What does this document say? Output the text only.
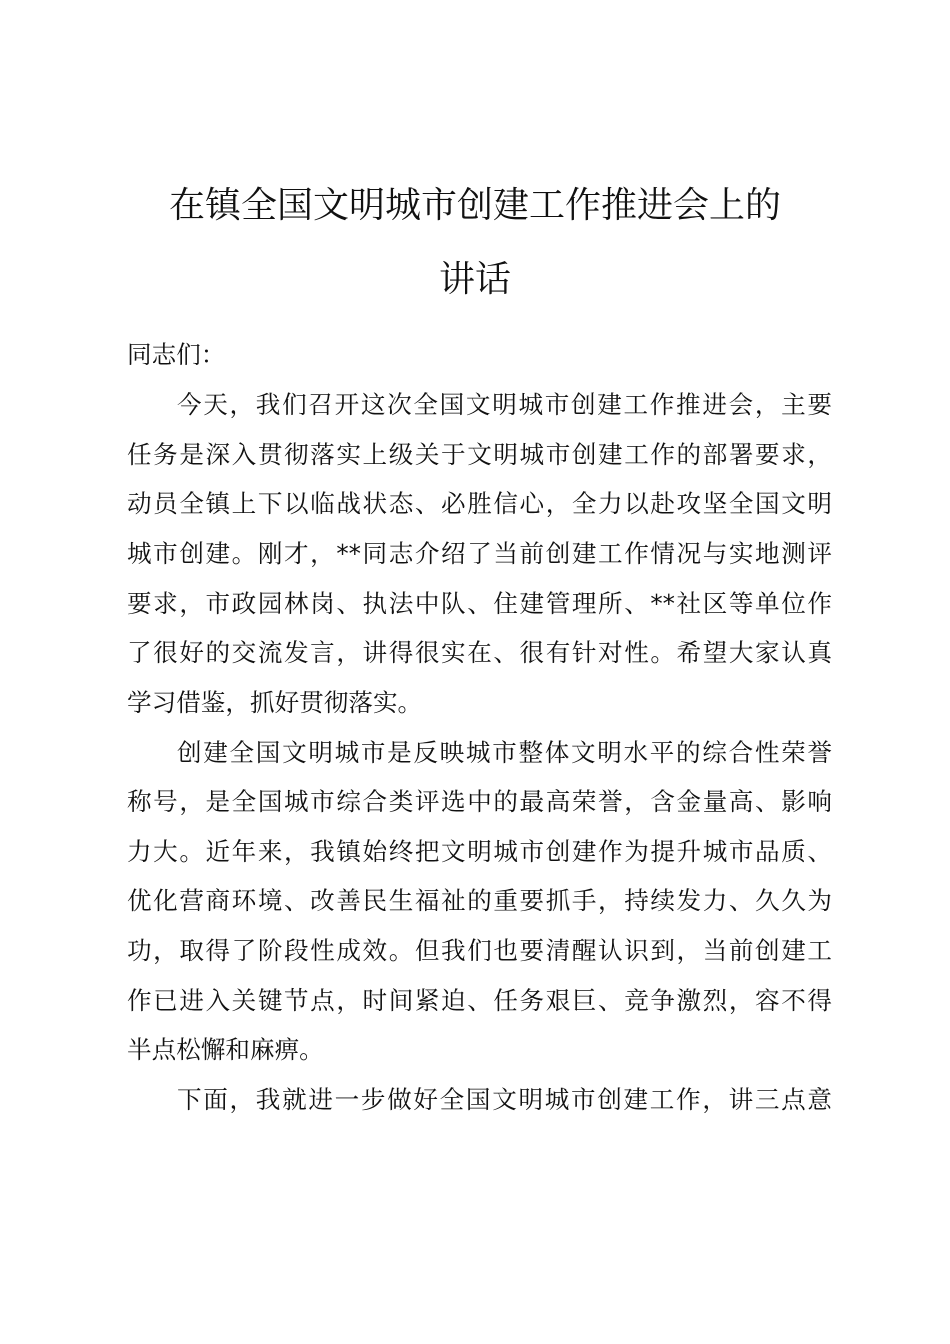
在镇全国文明城市创建工作推进会上的
讲话
同志们：
今天，我们召开这次全国文明城市创建工作推进会，主要
任务是深入贯彻落实上级关于文明城市创建工作的部署要求，
动员全镇上下以临战状态、必胜信心，全力以赴攻坚全国文明
城市创建。刚才，**同志介绍了当前创建工作情况与实地测评
要求，市政园林岗、执法中队、住建管理所、**社区等单位作
了很好的交流发言，讲得很实在、很有针对性。希望大家认真
学习借鉴，抓好贯彻落实。
创建全国文明城市是反映城市整体文明水平的综合性荣誉
称号，是全国城市综合类评选中的最高荣誉，含金量高、影响
力大。近年来，我镇始终把文明城市创建作为提升城市品质、
优化营商环境、改善民生福祉的重要抓手，持续发力、久久为
功，取得了阶段性成效。但我们也要清醒认识到，当前创建工
作已进入关键节点，时间紧迫、任务艰巨、竞争激烈，容不得
半点松懈和麻痹。
下面，我就进一步做好全国文明城市创建工作，讲三点意
